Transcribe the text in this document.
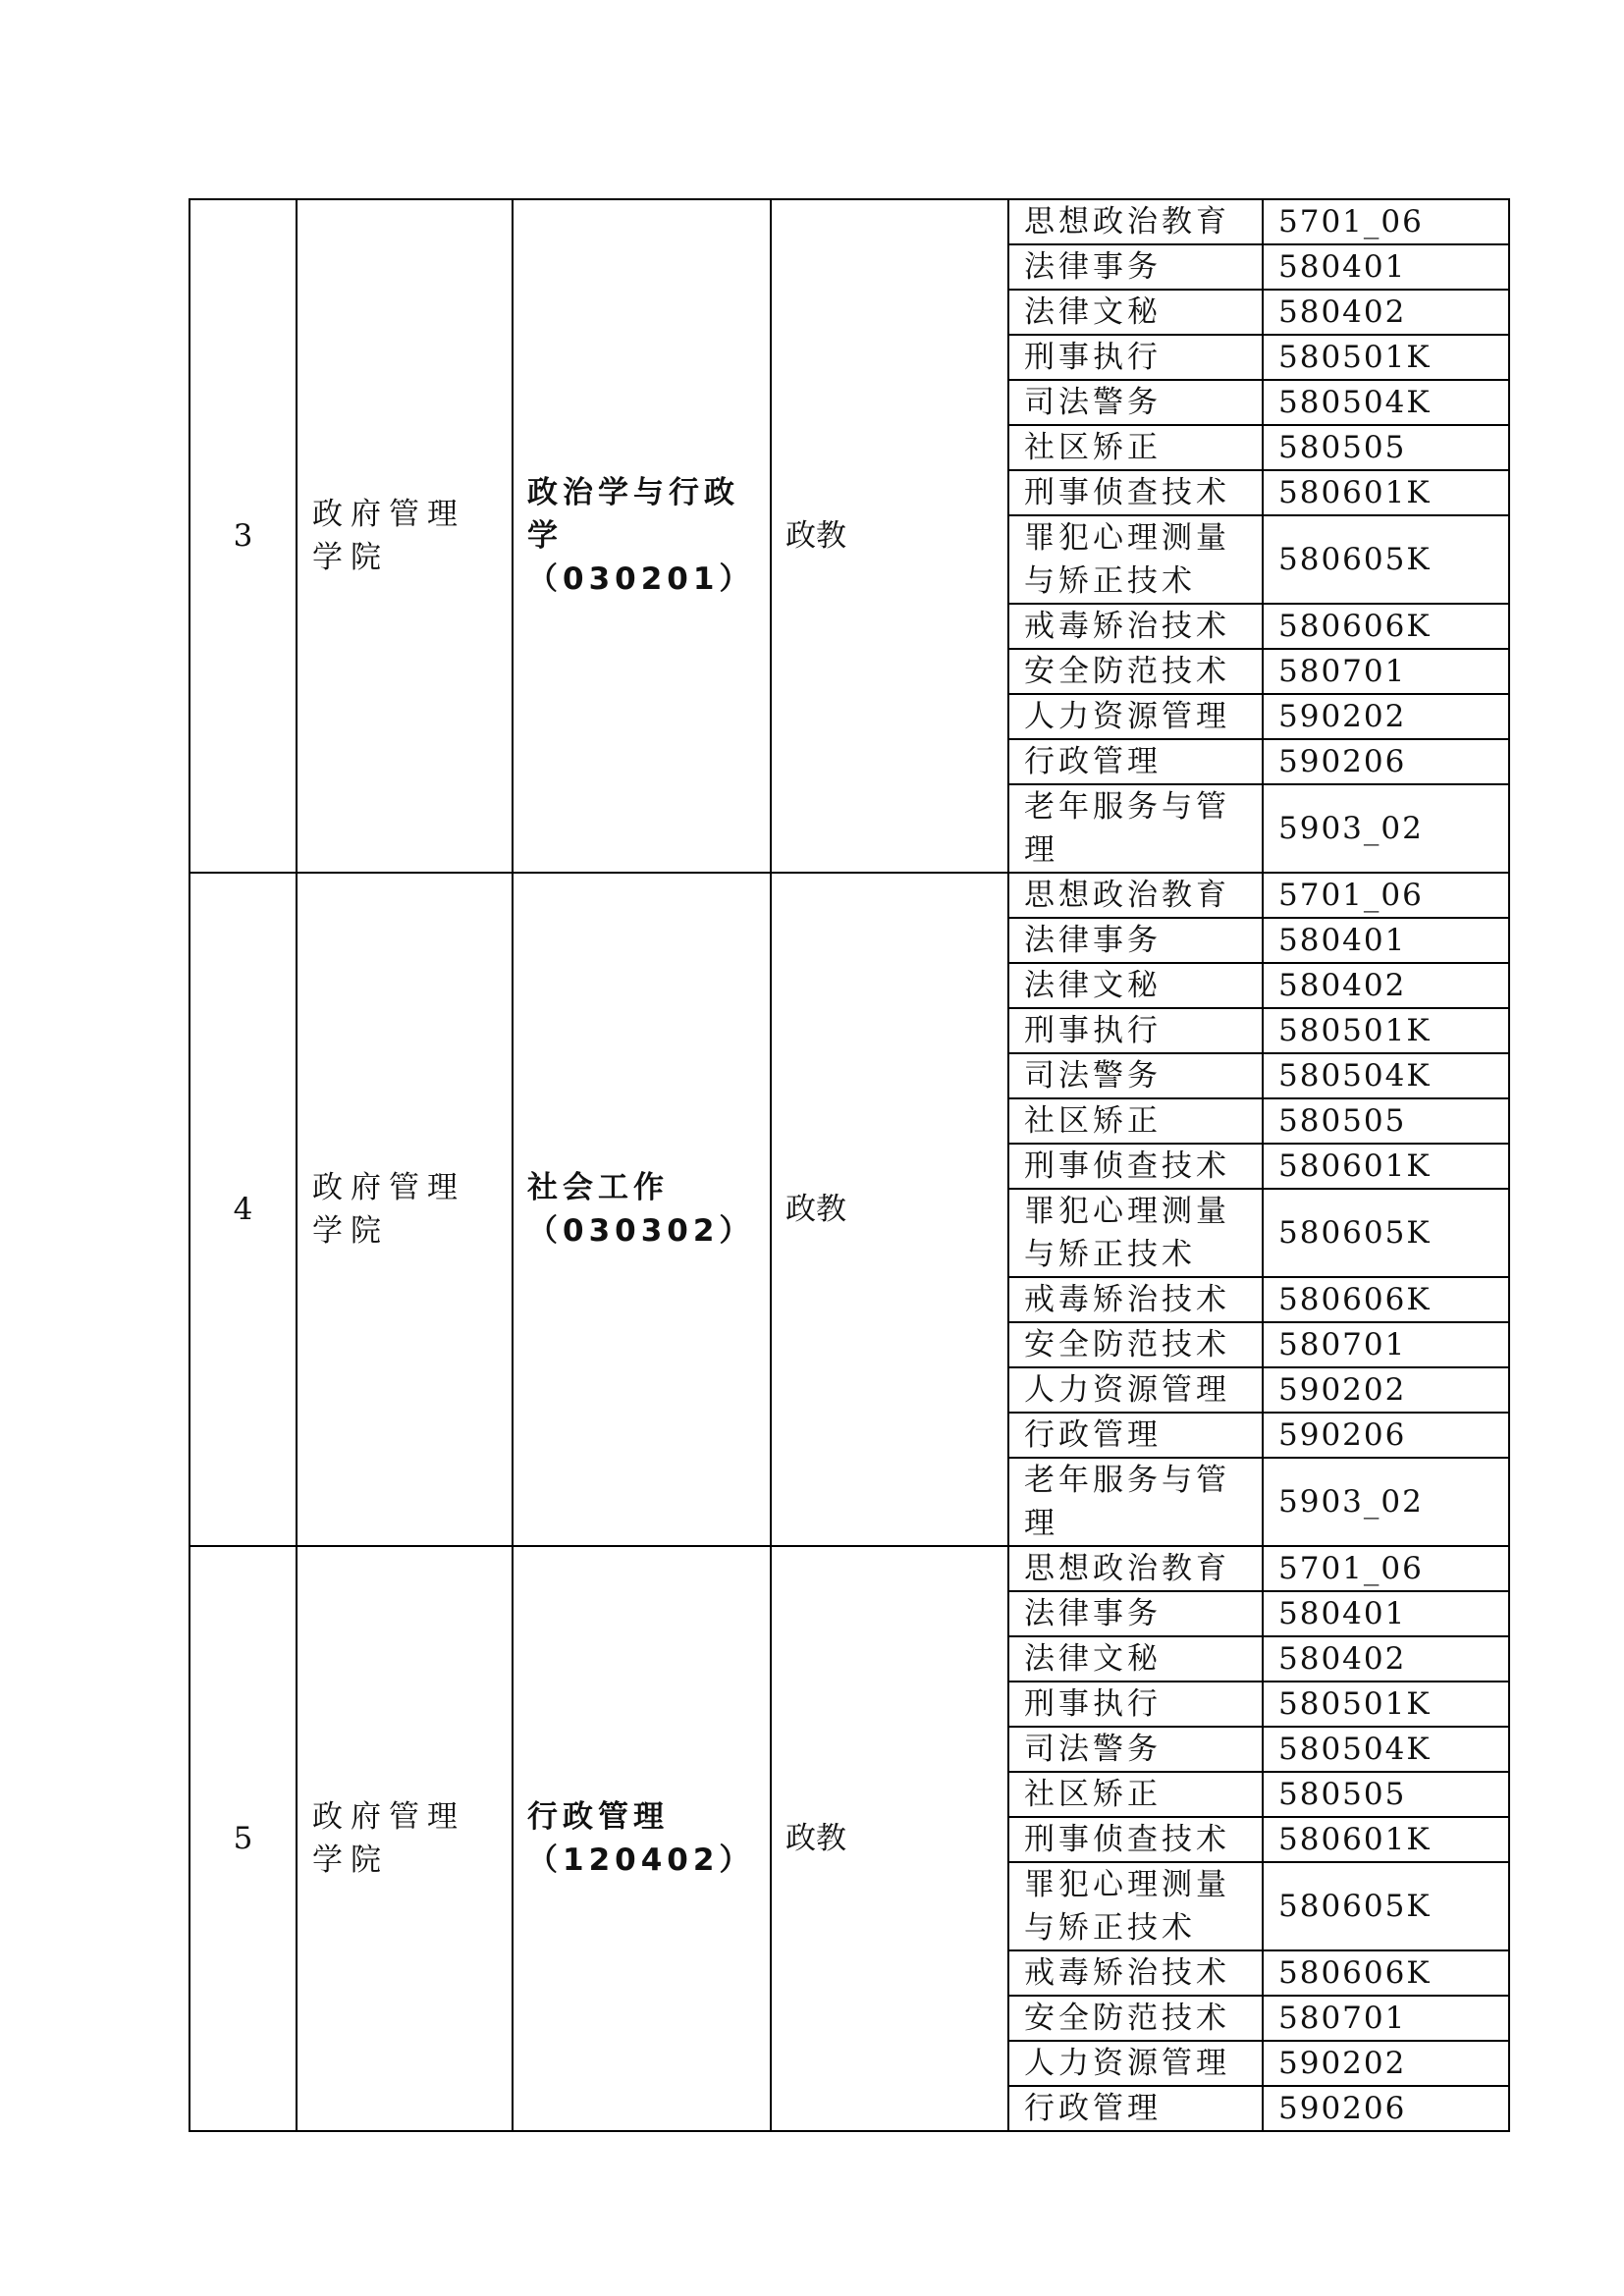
3	政府管理学院	政治学与行政学（030201）	政教	思想政治教育	5701_06
				法律事务	580401
				法律文秘	580402
				刑事执行	580501K
				司法警务	580504K
				社区矫正	580505
				刑事侦查技术	580601K
				罪犯心理测量与矫正技术	580605K
				戒毒矫治技术	580606K
				安全防范技术	580701
				人力资源管理	590202
				行政管理	590206
				老年服务与管理	5903_02
4	政府管理学院	社会工作（030302）	政教	思想政治教育	5701_06
				法律事务	580401
				法律文秘	580402
				刑事执行	580501K
				司法警务	580504K
				社区矫正	580505
				刑事侦查技术	580601K
				罪犯心理测量与矫正技术	580605K
				戒毒矫治技术	580606K
				安全防范技术	580701
				人力资源管理	590202
				行政管理	590206
				老年服务与管理	5903_02
5	政府管理学院	行政管理（120402）	政教	思想政治教育	5701_06
				法律事务	580401
				法律文秘	580402
				刑事执行	580501K
				司法警务	580504K
				社区矫正	580505
				刑事侦查技术	580601K
				罪犯心理测量与矫正技术	580605K
				戒毒矫治技术	580606K
				安全防范技术	580701
				人力资源管理	590202
				行政管理	590206
